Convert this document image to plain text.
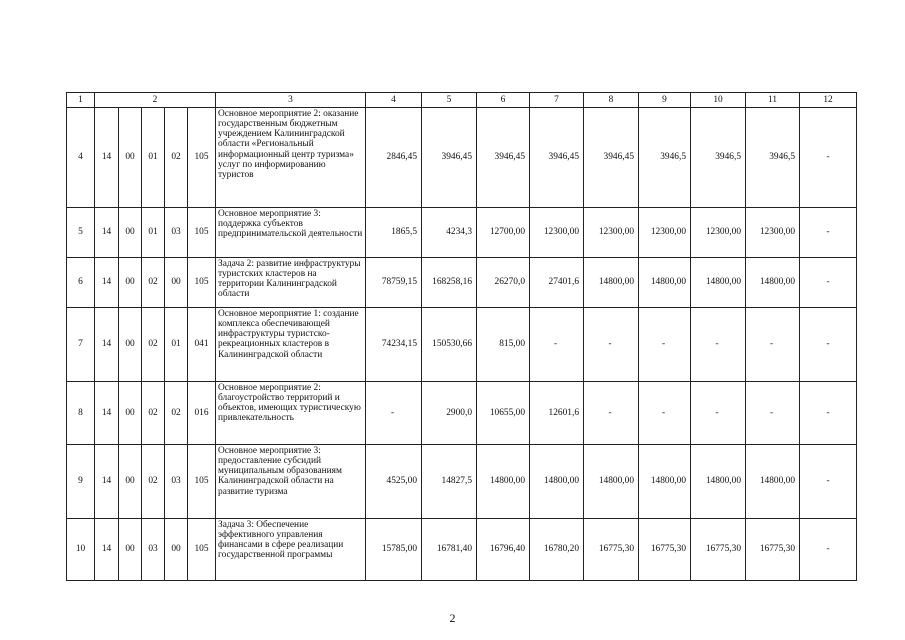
1	2					3	4	5	6	7	8	9	10	11	12
4	14	00	01	02	105	Основное мероприятие 2: оказание государственным бюджетным учреждением Калининградской области «Региональный информационный центр туризма» услуг по информированию туристов	2846,45	3946,45	3946,45	3946,45	3946,45	3946,5	3946,5	3946,5	-
5	14	00	01	03	105	Основное мероприятие 3: поддержка субъектов предпринимательской деятельности	1865,5	4234,3	12700,00	12300,00	12300,00	12300,00	12300,00	12300,00	-
6	14	00	02	00	105	Задача 2: развитие инфраструктуры туристских кластеров на территории Калининградской области	78759,15	168258,16	26270,0	27401,6	14800,00	14800,00	14800,00	14800,00	-
7	14	00	02	01	041	Основное мероприятие 1: создание комплекса обеспечивающей инфраструктуры туристско-рекреационных кластеров в Калининградской области	74234,15	150530,66	815,00	-	-	-	-	-	-
8	14	00	02	02	016	Основное мероприятие 2: благоустройство территорий и объектов, имеющих туристическую привлекательность	-	2900,0	10655,00	12601,6	-	-	-	-	-
9	14	00	02	03	105	Основное мероприятие 3: предоставление субсидий муниципальным образованиям Калининградской области на развитие туризма	4525,00	14827,5	14800,00	14800,00	14800,00	14800,00	14800,00	14800,00	-
10	14	00	03	00	105	Задача 3: Обеспечение эффективного управления финансами в сфере реализации государственной программы	15785,00	16781,40	16796,40	16780,20	16775,30	16775,30	16775,30	16775,30	-
2
